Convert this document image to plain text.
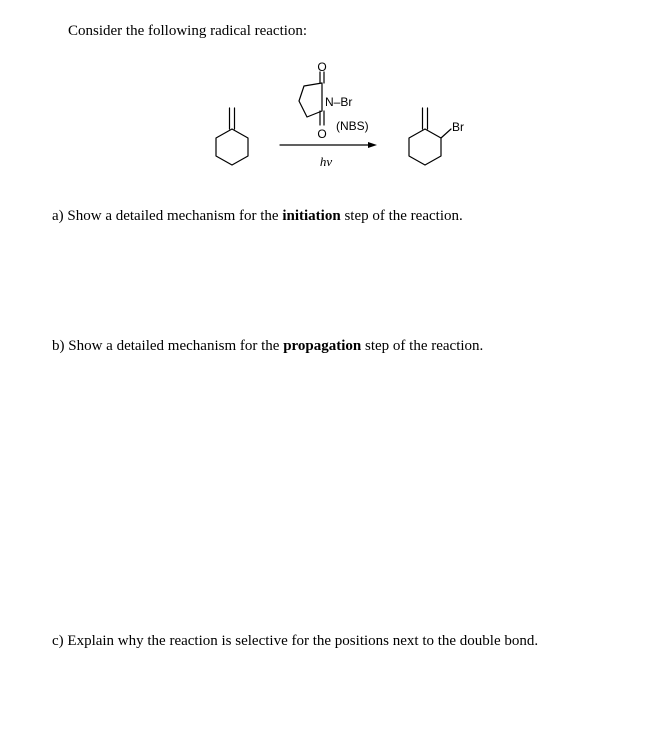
Consider the following radical reaction:
O
N–Br
(NBS)
O
hv
Br
a) Show a detailed mechanism for the initiation step of the reaction.
b) Show a detailed mechanism for the propagation step of the reaction.
c) Explain why the reaction is selective for the positions next to the double bond.
